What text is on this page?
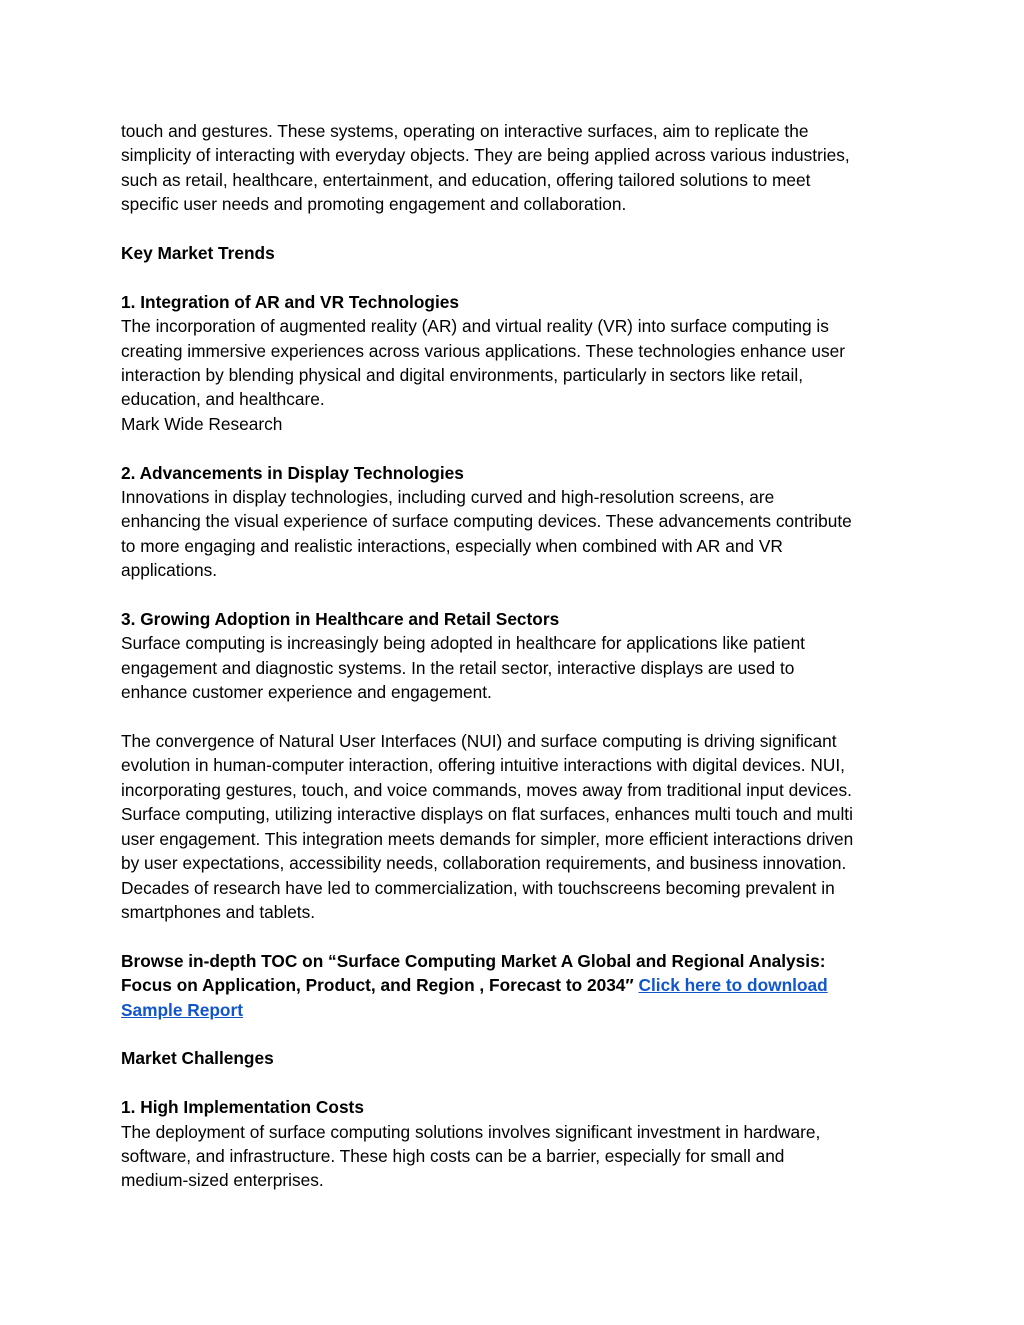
touch and gestures. These systems, operating on interactive surfaces, aim to replicate the
simplicity of interacting with everyday objects. They are being applied across various industries,
such as retail, healthcare, entertainment, and education, offering tailored solutions to meet
specific user needs and promoting engagement and collaboration.

Key Market Trends

1. Integration of AR and VR Technologies
The incorporation of augmented reality (AR) and virtual reality (VR) into surface computing is
creating immersive experiences across various applications. These technologies enhance user
interaction by blending physical and digital environments, particularly in sectors like retail,
education, and healthcare.
Mark Wide Research

2. Advancements in Display Technologies
Innovations in display technologies, including curved and high-resolution screens, are
enhancing the visual experience of surface computing devices. These advancements contribute
to more engaging and realistic interactions, especially when combined with AR and VR
applications.

3. Growing Adoption in Healthcare and Retail Sectors
Surface computing is increasingly being adopted in healthcare for applications like patient
engagement and diagnostic systems. In the retail sector, interactive displays are used to
enhance customer experience and engagement.

The convergence of Natural User Interfaces (NUI) and surface computing is driving significant
evolution in human-computer interaction, offering intuitive interactions with digital devices. NUI,
incorporating gestures, touch, and voice commands, moves away from traditional input devices.
Surface computing, utilizing interactive displays on flat surfaces, enhances multi touch and multi
user engagement. This integration meets demands for simpler, more efficient interactions driven
by user expectations, accessibility needs, collaboration requirements, and business innovation.
Decades of research have led to commercialization, with touchscreens becoming prevalent in
smartphones and tablets.

Browse in-depth TOC on “Surface Computing Market A Global and Regional Analysis:
Focus on Application, Product, and Region , Forecast to 2034″ Click here to download
Sample Report

Market Challenges

1. High Implementation Costs
The deployment of surface computing solutions involves significant investment in hardware,
software, and infrastructure. These high costs can be a barrier, especially for small and
medium-sized enterprises.
